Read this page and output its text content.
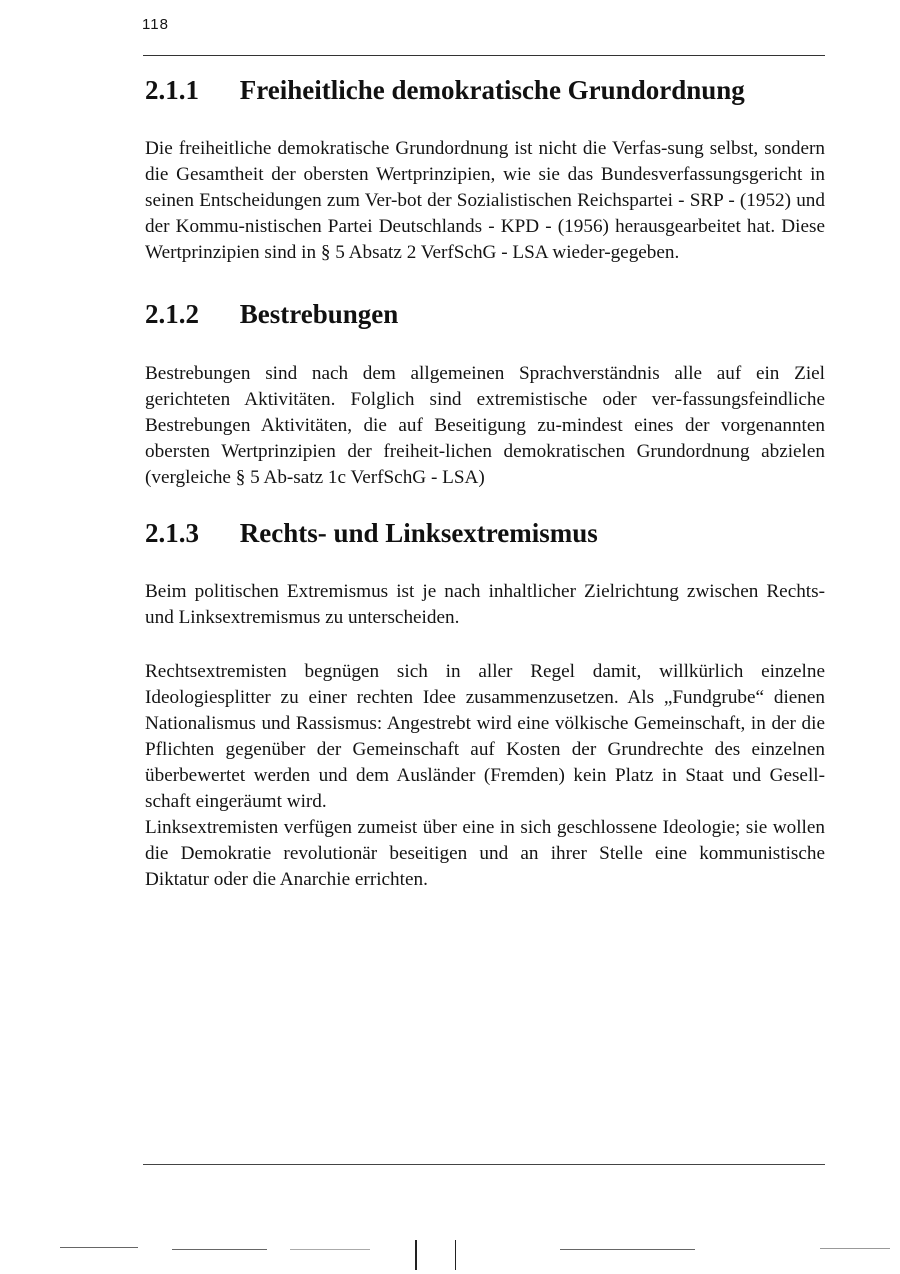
118
2.1.1 Freiheitliche demokratische Grundordnung

Die freiheitliche demokratische Grundordnung ist nicht die Verfas-sung selbst, sondern die Gesamtheit der obersten Wertprinzipien, wie sie das Bundesverfassungsgericht in seinen Entscheidungen zum Ver-bot der Sozialistischen Reichspartei - SRP - (1952) und der Kommu-nistischen Partei Deutschlands - KPD - (1956) herausgearbeitet hat. Diese Wertprinzipien sind in § 5 Absatz 2 VerfSchG - LSA wieder-gegeben.

2.1.2 Bestrebungen

Bestrebungen sind nach dem allgemeinen Sprachverständnis alle auf ein Ziel gerichteten Aktivitäten. Folglich sind extremistische oder ver-fassungsfeindliche Bestrebungen Aktivitäten, die auf Beseitigung zu-mindest eines der vorgenannten obersten Wertprinzipien der freiheit-lichen demokratischen Grundordnung abzielen (vergleiche § 5 Ab-satz 1c VerfSchG - LSA)

2.1.3 Rechts- und Linksextremismus

Beim politischen Extremismus ist je nach inhaltlicher Zielrichtung zwischen Rechts- und Linksextremismus zu unterscheiden.

Rechtsextremisten begnügen sich in aller Regel damit, willkürlich einzelne Ideologiesplitter zu einer rechten Idee zusammenzusetzen. Als „Fundgrube“ dienen Nationalismus und Rassismus: Angestrebt wird eine völkische Gemeinschaft, in der die Pflichten gegenüber der Gemeinschaft auf Kosten der Grundrechte des einzelnen überbewertet werden und dem Ausländer (Fremden) kein Platz in Staat und Gesell-schaft eingeräumt wird.

Linksextremisten verfügen zumeist über eine in sich geschlossene Ideologie; sie wollen die Demokratie revolutionär beseitigen und an ihrer Stelle eine kommunistische Diktatur oder die Anarchie errichten.
